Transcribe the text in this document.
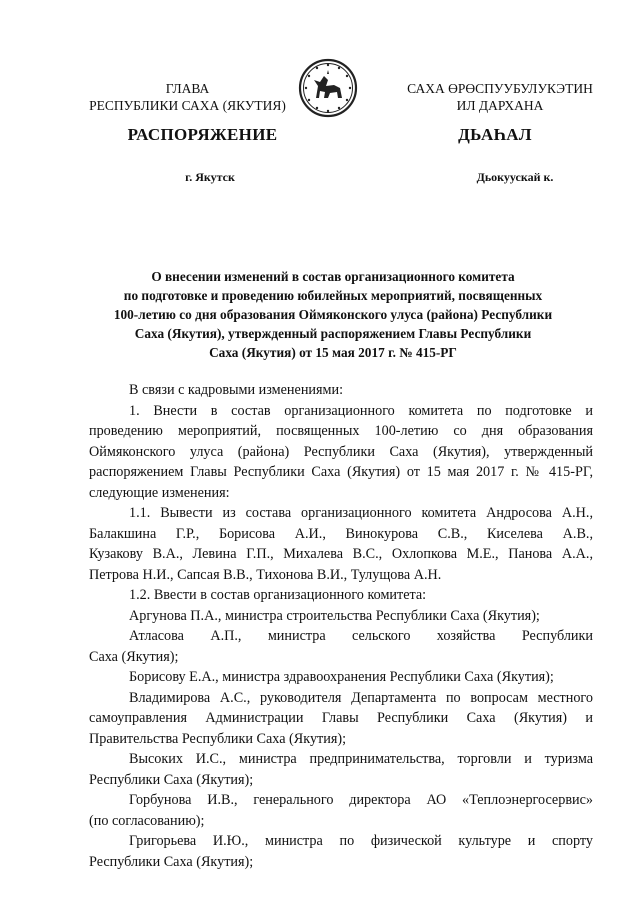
ГЛАВА
РЕСПУБЛИКИ САХА (ЯКУТИЯ)
САХА ӨРӨСПУУБУЛУКЭТИН
ИЛ ДАРХАНА
РАСПОРЯЖЕНИЕ	ДЬАҺАЛ
г. Якутск	Дьокуускай к.
О внесении изменений в состав организационного комитета
по подготовке и проведению юбилейных мероприятий, посвященных
100-летию со дня образования Оймяконского улуса (района) Республики
Саха (Якутия), утвержденный распоряжением Главы Республики
Саха (Якутия) от 15 мая 2017 г. № 415-РГ
В связи с кадровыми изменениями:
1. Внести в состав организационного комитета по подготовке и
проведению мероприятий, посвященных 100-летию со дня образования
Оймяконского улуса (района) Республики Саха (Якутия), утвержденный
распоряжением Главы Республики Саха (Якутия) от 15 мая 2017 г. № 415-РГ,
следующие изменения:
1.1. Вывести из состава организационного комитета Андросова А.Н.,
Балакшина Г.Р., Борисова А.И., Винокурова С.В., Киселева А.В.,
Кузакову В.А., Левина Г.П., Михалева В.С., Охлопкова М.Е., Панова А.А.,
Петрова Н.И., Сапсая В.В., Тихонова В.И., Тулущова А.Н.
1.2. Ввести в состав организационного комитета:
Аргунова П.А., министра строительства Республики Саха (Якутия);
Атласова А.П., министра сельского хозяйства Республики
Саха (Якутия);
Борисову Е.А., министра здравоохранения Республики Саха (Якутия);
Владимирова А.С., руководителя Департамента по вопросам местного
самоуправления Администрации Главы Республики Саха (Якутия) и
Правительства Республики Саха (Якутия);
Высоких И.С., министра предпринимательства, торговли и туризма
Республики Саха (Якутия);
Горбунова И.В., генерального директора АО «Теплоэнергосервис»
(по согласованию);
Григорьева И.Ю., министра по физической культуре и спорту
Республики Саха (Якутия);
